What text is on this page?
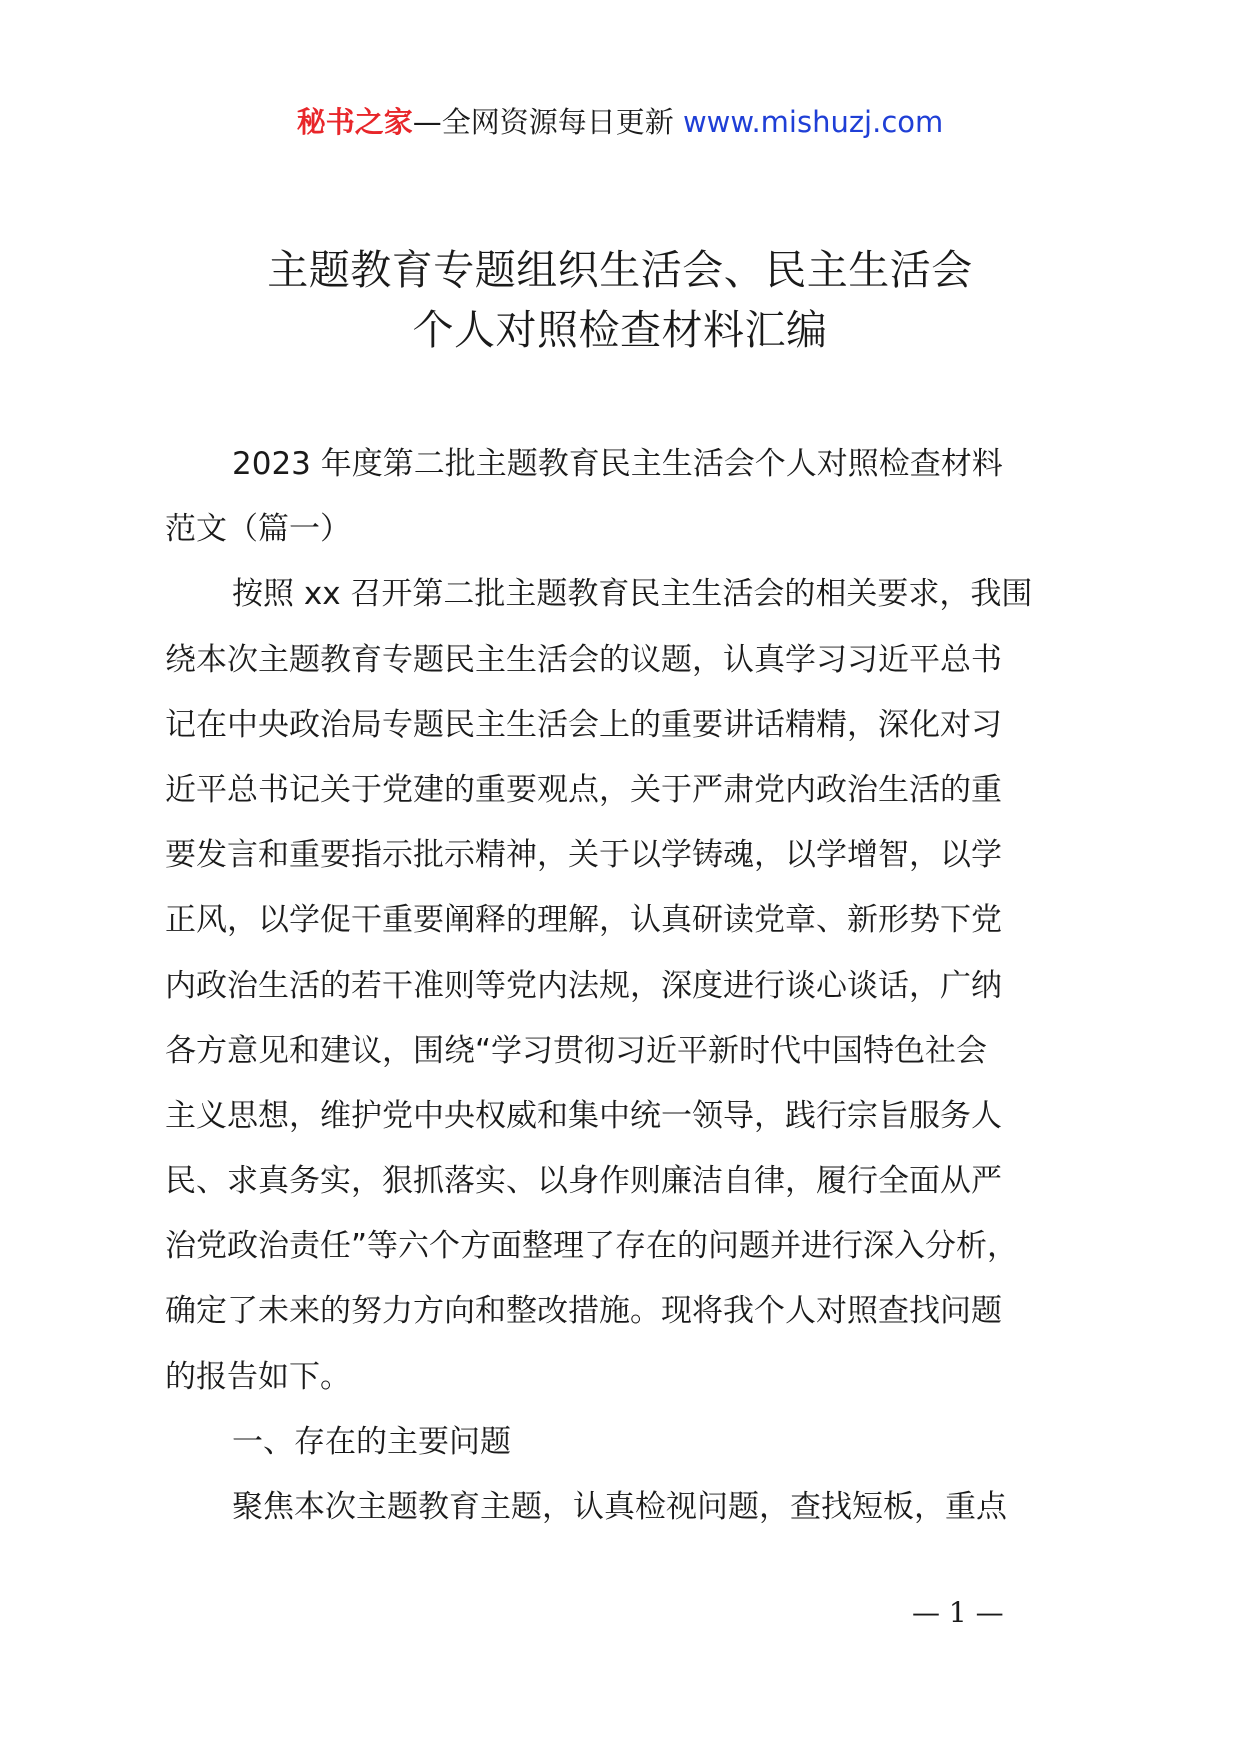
秘书之家—全网资源每日更新 www.mishuzj.com
主题教育专题组织生活会、民主生活会
个人对照检查材料汇编
2023 年度第二批主题教育民主生活会个人对照检查材料
范文（篇一）
按照 xx 召开第二批主题教育民主生活会的相关要求，我围
绕本次主题教育专题民主生活会的议题，认真学习习近平总书
记在中央政治局专题民主生活会上的重要讲话精精，深化对习
近平总书记关于党建的重要观点，关于严肃党内政治生活的重
要发言和重要指示批示精神，关于以学铸魂，以学增智，以学
正风，以学促干重要阐释的理解，认真研读党章、新形势下党
内政治生活的若干准则等党内法规，深度进行谈心谈话，广纳
各方意见和建议，围绕“学习贯彻习近平新时代中国特色社会
主义思想，维护党中央权威和集中统一领导，践行宗旨服务人
民、求真务实，狠抓落实、以身作则廉洁自律，履行全面从严
治党政治责任”等六个方面整理了存在的问题并进行深入分析，
确定了未来的努力方向和整改措施。现将我个人对照查找问题
的报告如下。
一、存在的主要问题
聚焦本次主题教育主题，认真检视问题，查找短板，重点
— 1 —
